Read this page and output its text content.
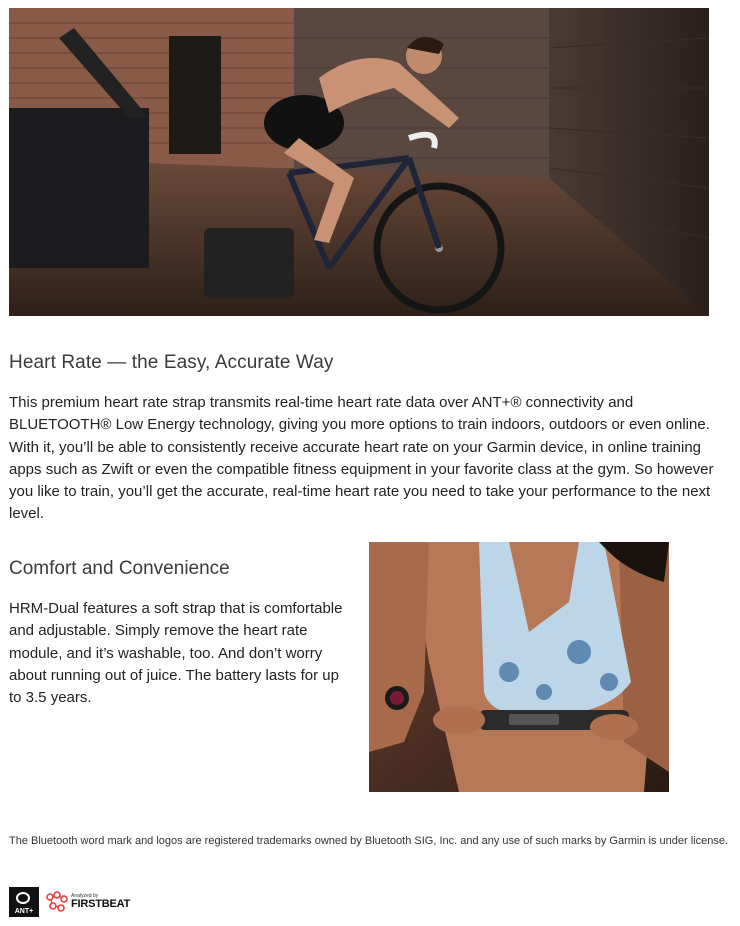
Heart Rate — the Easy, Accurate Way

This premium heart rate strap transmits real-time heart rate data over ANT+® connectivity and BLUETOOTH® Low Energy technology, giving you more options to train indoors, outdoors or even online. With it, you’ll be able to consistently receive accurate heart rate on your Garmin device, in online training apps such as Zwift or even the compatible fitness equipment in your favorite class at the gym. So however you like to train, you’ll get the accurate, real-time heart rate you need to take your performance to the next level.

Comfort and Convenience

HRM-Dual features a soft strap that is comfortable and adjustable. Simply remove the heart rate module, and it’s washable, too. And don’t worry about running out of juice. The battery lasts for up to 3.5 years.

The Bluetooth word mark and logos are registered trademarks owned by Bluetooth SIG, Inc. and any use of such marks by Garmin is under license.

ANT+
Analyzed by
FIRSTBEAT
